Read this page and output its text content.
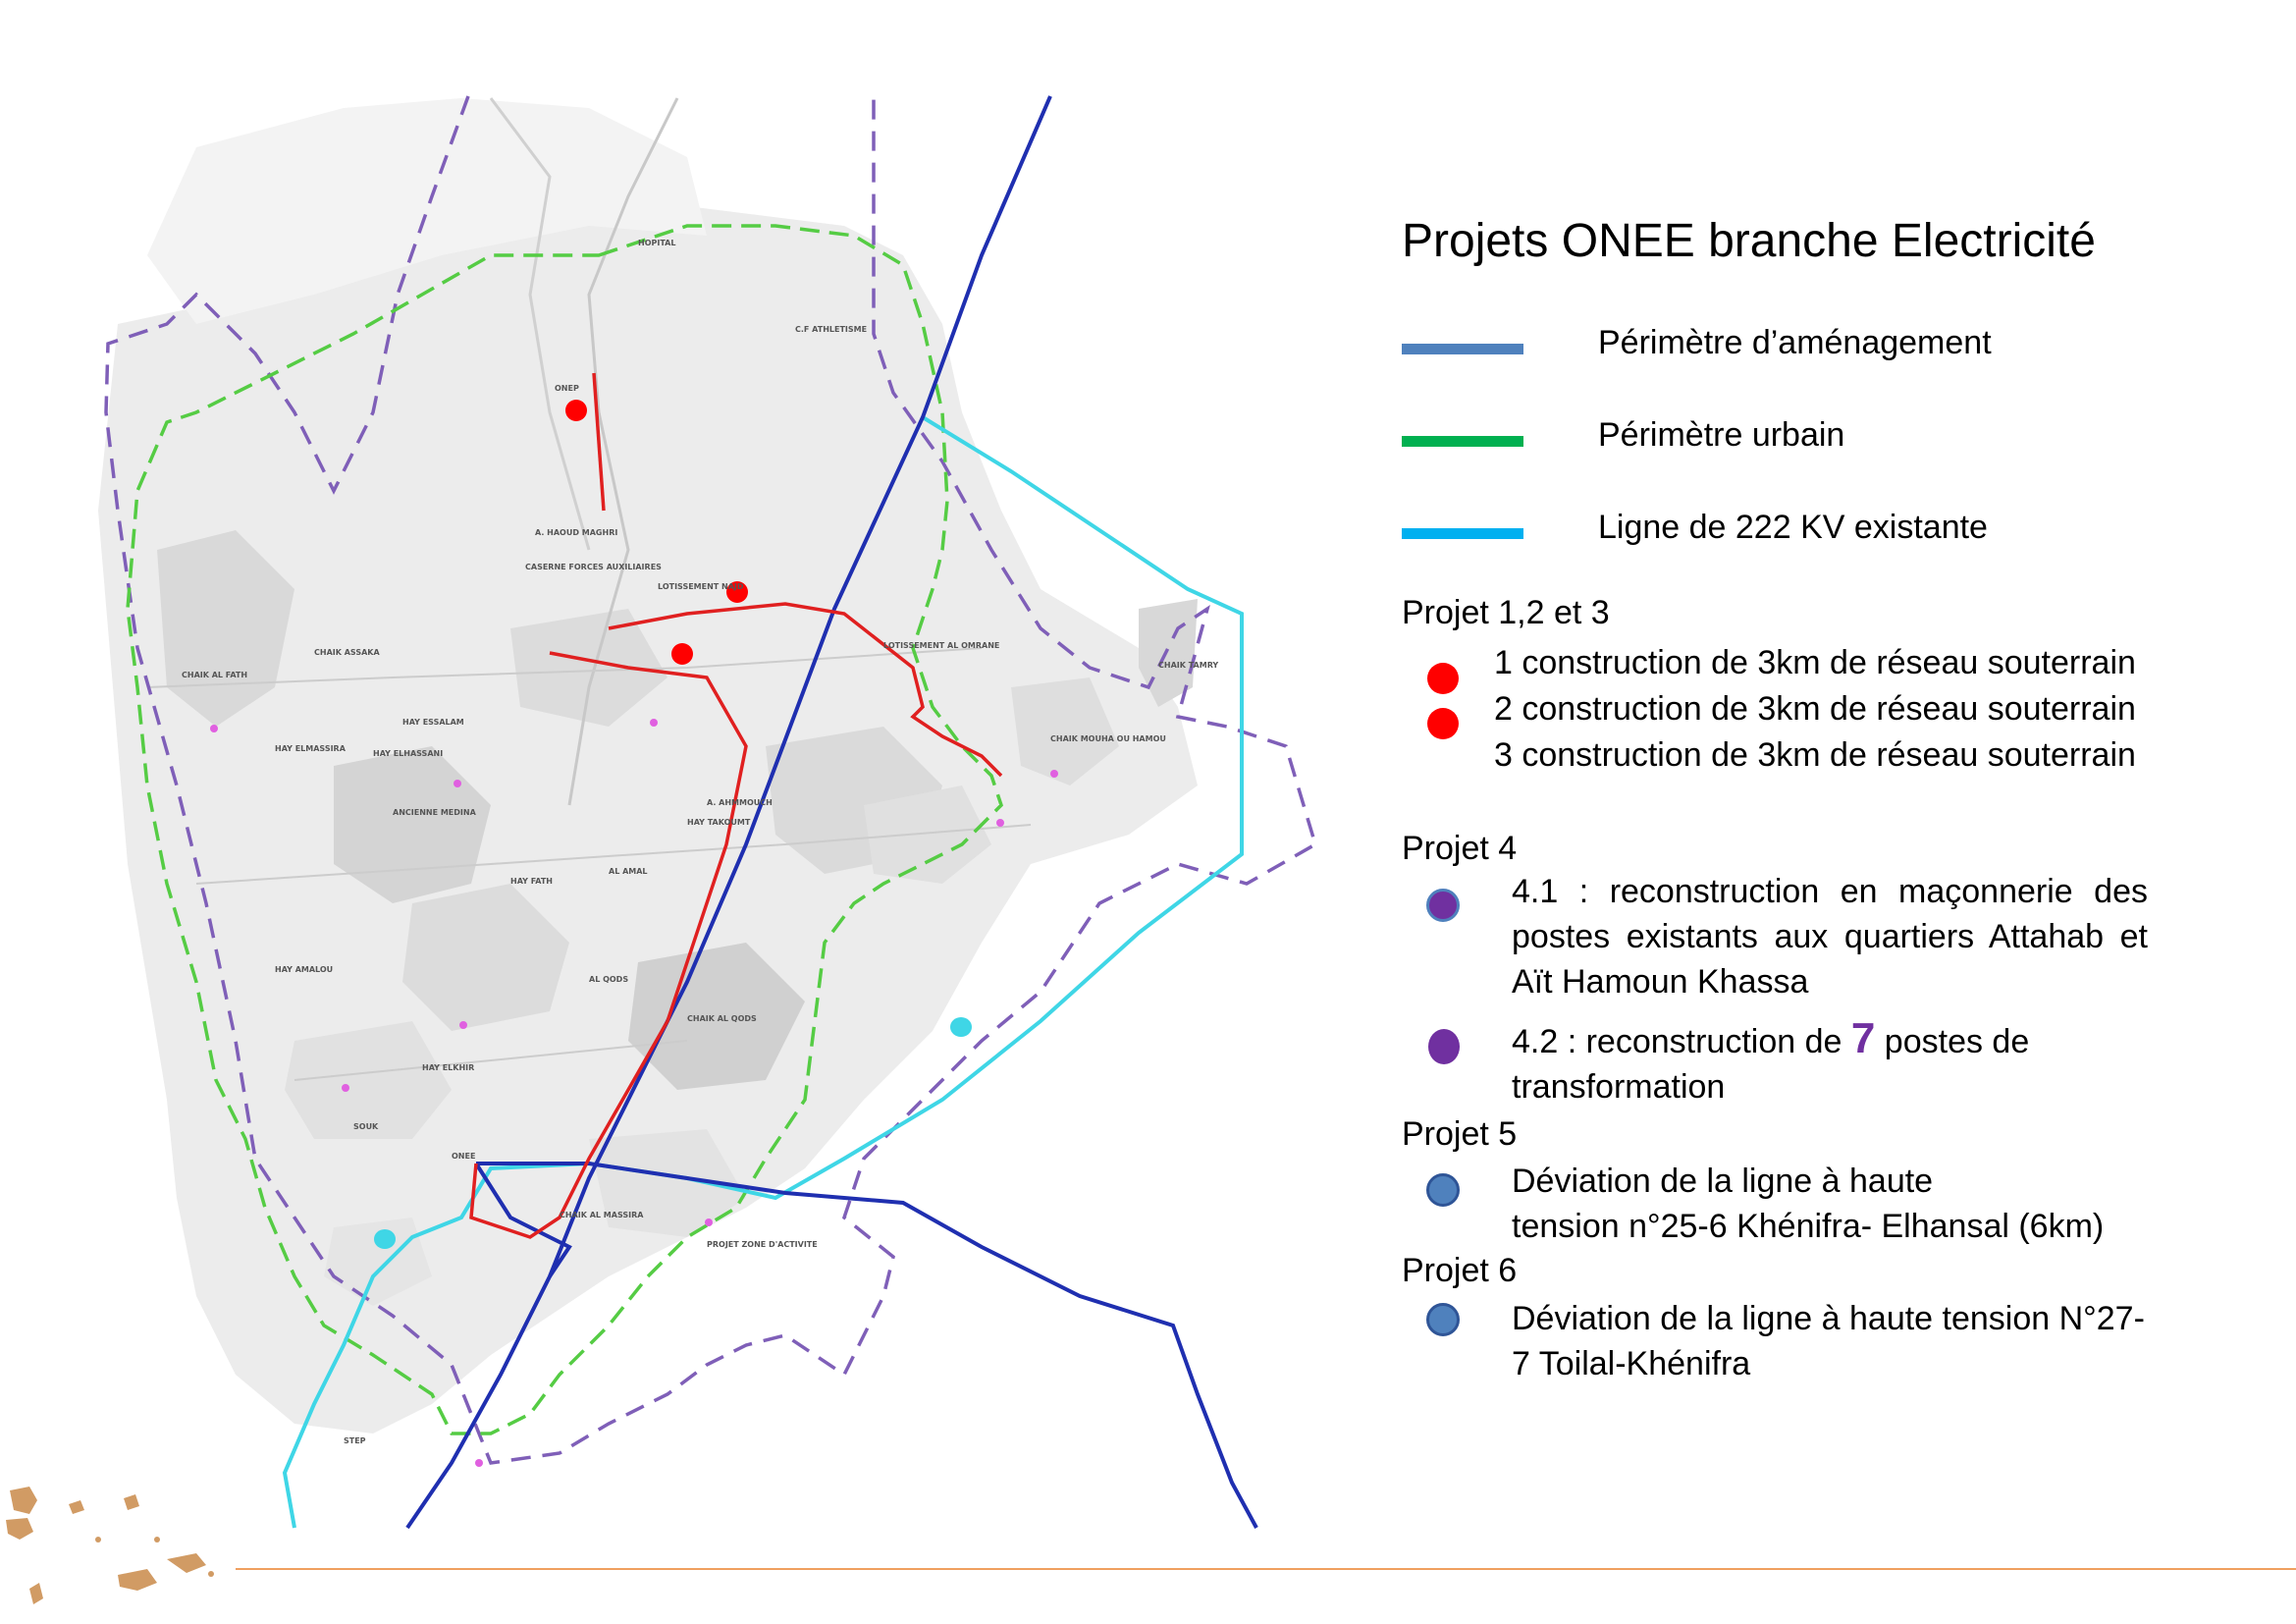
HOPITAL
C.F ATHLETISME
ONEP
A. HAOUD MAGHRI
CASERNE FORCES AUXILIAIRES
LOTISSEMENT NAJD
CHAIK ASSAKA
CHAIK AL FATH
HAY ESSALAM
HAY ELHASSANI
HAY ELMASSIRA
ANCIENNE MEDINA
HAY FATH
AL QODS
HAY AMALOU
SOUK
HAY ELKHIR
ONEE
CHAIK AL MASSIRA
PROJET ZONE D'ACTIVITE
STEP
AL AMAL
HAY TAKOUMT
LOTISSEMENT AL OMRANE
CHAIK TAMRY
CHAIK MOUHA OU HAMOU
A. AHMMOUCH
CHAIK AL QODS
Projets ONEE branche Electricité
Périmètre d’aménagement
Périmètre urbain
Ligne de 222 KV existante
Projet 1,2 et 3
1 construction de 3km de réseau souterrain
2 construction de 3km de réseau souterrain
3 construction de 3km de réseau souterrain
Projet 4
4.1 : reconstruction en maçonnerie des postes existants aux quartiers Attahab et Aït Hamoun Khassa
4.2 : reconstruction de 7 postes de transformation
Projet 5
Déviation de la ligne à haute
tension n°25-6 Khénifra- Elhansal (6km)
Projet 6
Déviation de la ligne à haute tension N°27-
7 Toilal-Khénifra
